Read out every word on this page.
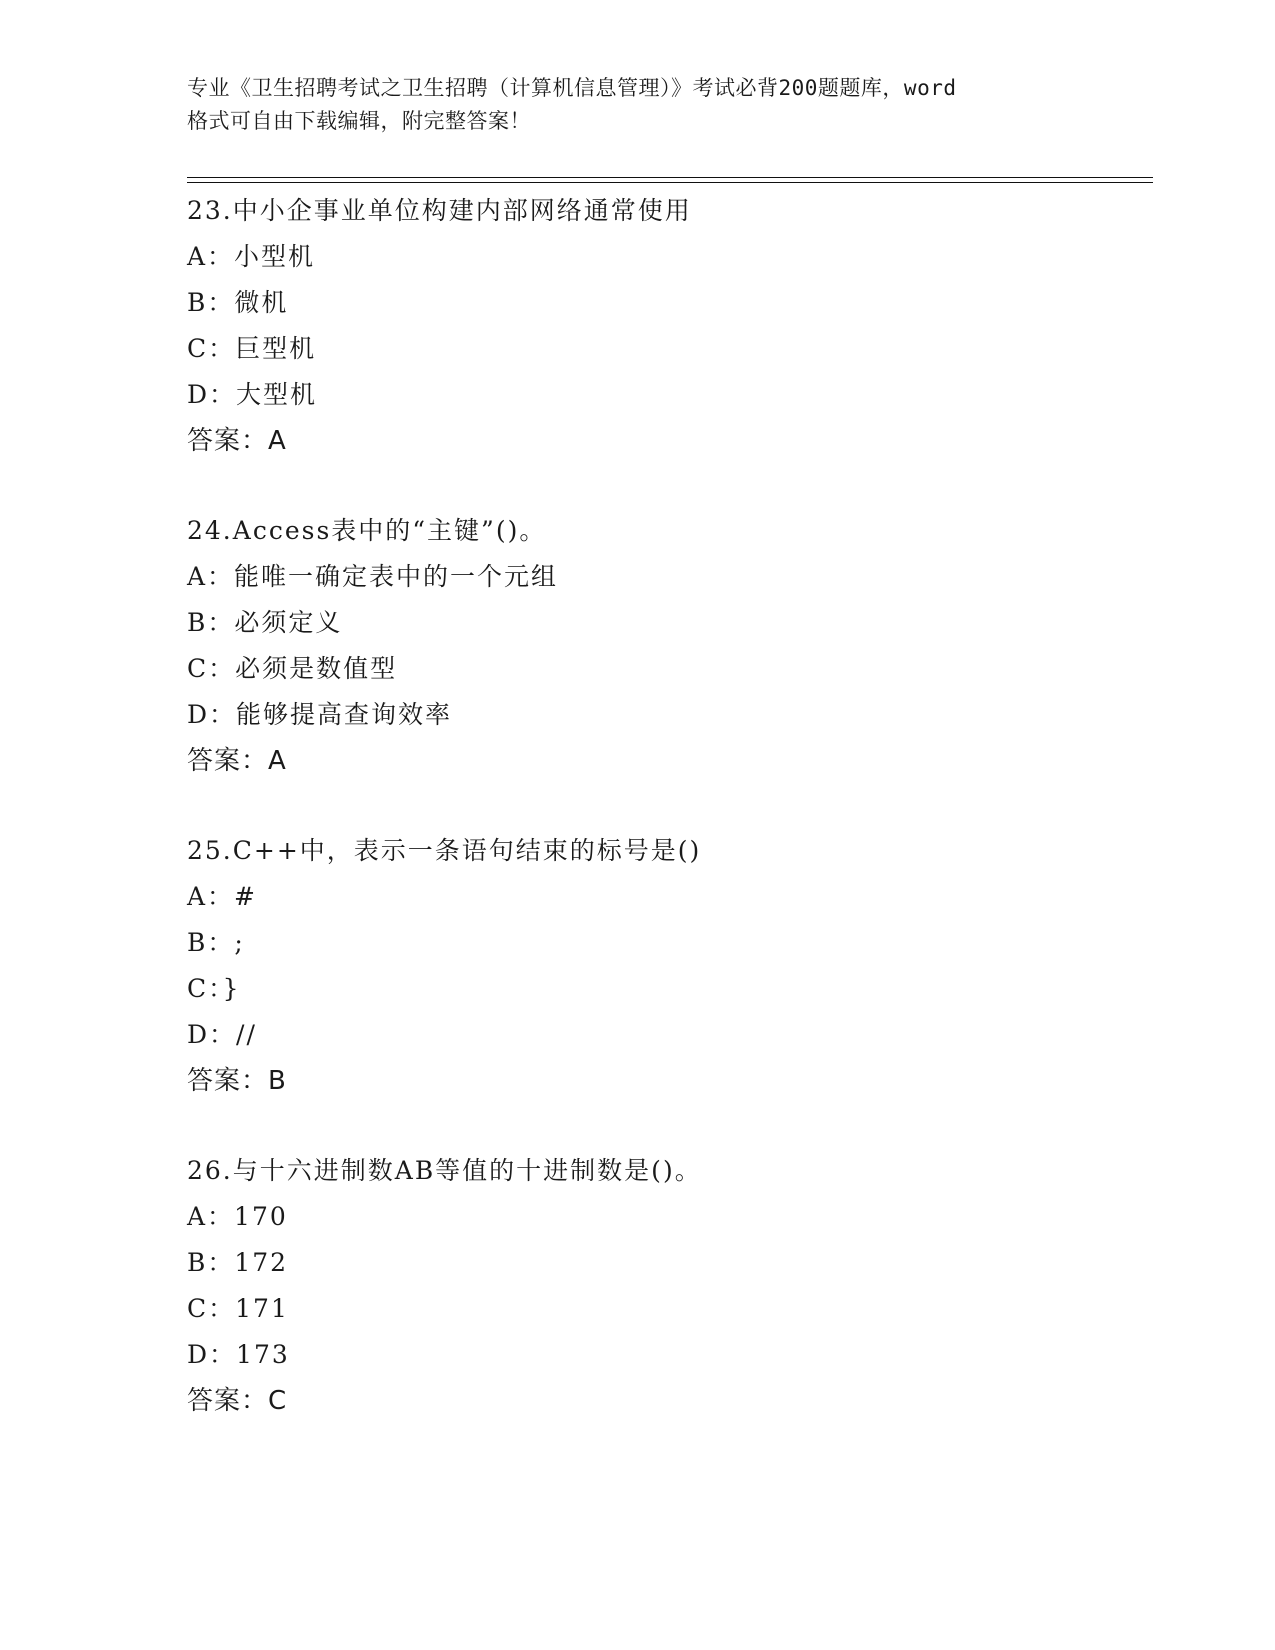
专业《卫生招聘考试之卫生招聘（计算机信息管理）》考试必背200题题库，word
格式可自由下载编辑，附完整答案！
23.中小企事业单位构建内部网络通常使用
A：小型机
B：微机
C：巨型机
D：大型机
答案：A
24.Access表中的“主键”()。
A：能唯一确定表中的一个元组
B：必须定义
C：必须是数值型
D：能够提高查询效率
答案：A
25.C++中，表示一条语句结束的标号是()
A：#
B：;
C：}
D：//
答案：B
26.与十六进制数AB等值的十进制数是()。
A：170
B：172
C：171
D：173
答案：C
